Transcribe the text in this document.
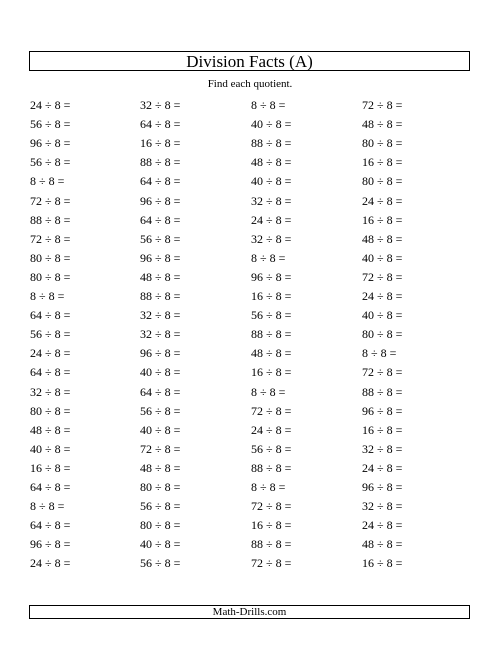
Division Facts (A)
Find each quotient.
24 ÷ 8 =
56 ÷ 8 =
96 ÷ 8 =
56 ÷ 8 =
8 ÷ 8 =
72 ÷ 8 =
88 ÷ 8 =
72 ÷ 8 =
80 ÷ 8 =
80 ÷ 8 =
8 ÷ 8 =
64 ÷ 8 =
56 ÷ 8 =
24 ÷ 8 =
64 ÷ 8 =
32 ÷ 8 =
80 ÷ 8 =
48 ÷ 8 =
40 ÷ 8 =
16 ÷ 8 =
64 ÷ 8 =
8 ÷ 8 =
64 ÷ 8 =
96 ÷ 8 =
24 ÷ 8 =
32 ÷ 8 =
64 ÷ 8 =
16 ÷ 8 =
88 ÷ 8 =
64 ÷ 8 =
96 ÷ 8 =
64 ÷ 8 =
56 ÷ 8 =
96 ÷ 8 =
48 ÷ 8 =
88 ÷ 8 =
32 ÷ 8 =
32 ÷ 8 =
96 ÷ 8 =
40 ÷ 8 =
64 ÷ 8 =
56 ÷ 8 =
40 ÷ 8 =
72 ÷ 8 =
48 ÷ 8 =
80 ÷ 8 =
56 ÷ 8 =
80 ÷ 8 =
40 ÷ 8 =
56 ÷ 8 =
8 ÷ 8 =
40 ÷ 8 =
88 ÷ 8 =
48 ÷ 8 =
40 ÷ 8 =
32 ÷ 8 =
24 ÷ 8 =
32 ÷ 8 =
8 ÷ 8 =
96 ÷ 8 =
16 ÷ 8 =
56 ÷ 8 =
88 ÷ 8 =
48 ÷ 8 =
16 ÷ 8 =
8 ÷ 8 =
72 ÷ 8 =
24 ÷ 8 =
56 ÷ 8 =
88 ÷ 8 =
8 ÷ 8 =
72 ÷ 8 =
16 ÷ 8 =
88 ÷ 8 =
72 ÷ 8 =
72 ÷ 8 =
48 ÷ 8 =
80 ÷ 8 =
16 ÷ 8 =
80 ÷ 8 =
24 ÷ 8 =
16 ÷ 8 =
48 ÷ 8 =
40 ÷ 8 =
72 ÷ 8 =
24 ÷ 8 =
40 ÷ 8 =
80 ÷ 8 =
8 ÷ 8 =
72 ÷ 8 =
88 ÷ 8 =
96 ÷ 8 =
16 ÷ 8 =
32 ÷ 8 =
24 ÷ 8 =
96 ÷ 8 =
32 ÷ 8 =
24 ÷ 8 =
48 ÷ 8 =
16 ÷ 8 =
Math-Drills.com
